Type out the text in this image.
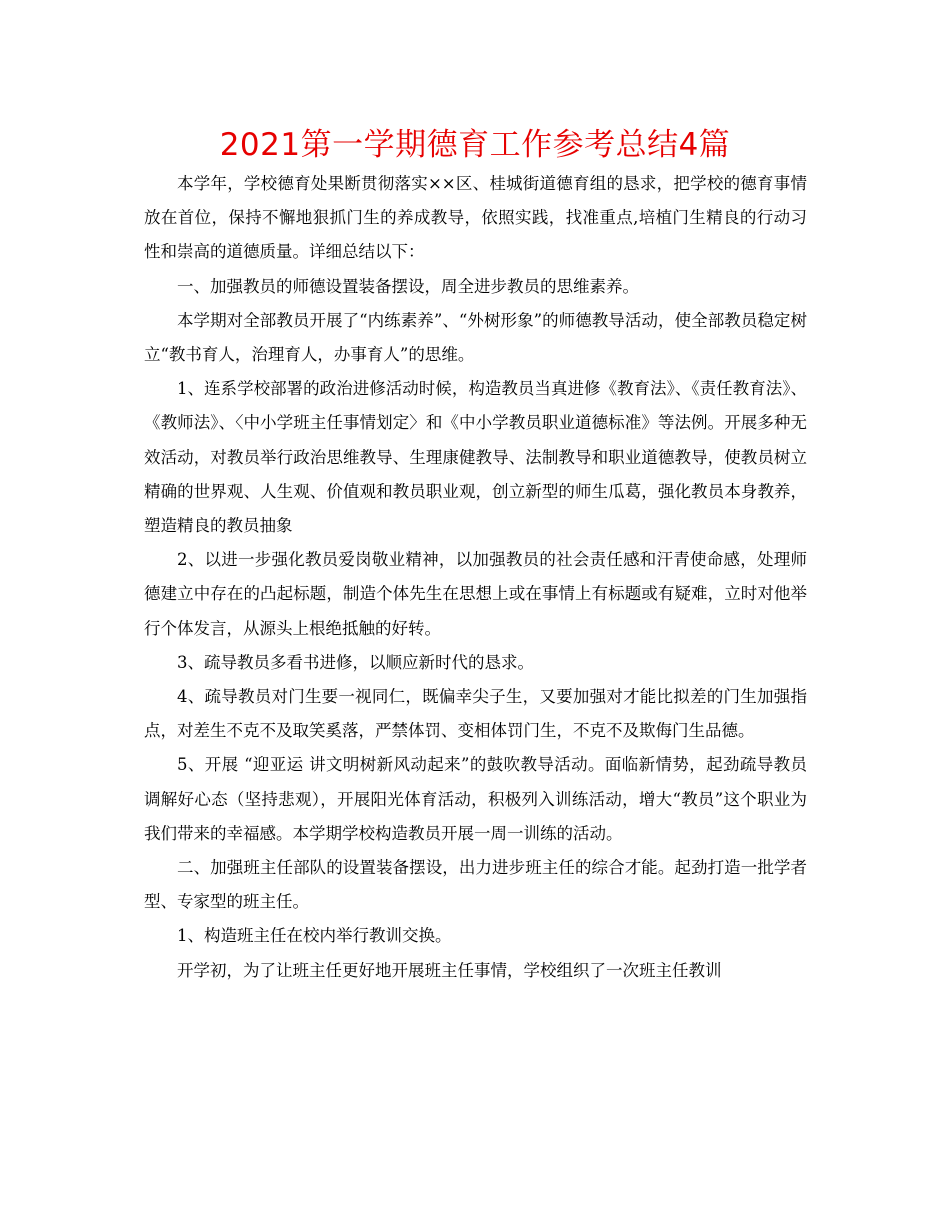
2021第一学期德育工作参考总结4篇

本学年，学校德育处果断贯彻落实××区、桂城街道德育组的恳求，把学校的德育事情放在首位，保持不懈地狠抓门生的养成教导，依照实践，找准重点,培植门生精良的行动习性和崇高的道德质量。详细总结以下：

一、加强教员的师德设置装备摆设，周全进步教员的思维素养。

本学期对全部教员开展了“内练素养”、“外树形象”的师德教导活动，使全部教员稳定树立“教书育人，治理育人，办事育人”的思维。

1、连系学校部署的政治进修活动时候，构造教员当真进修《教育法》、《责任教育法》、《教师法》、〈中小学班主任事情划定〉和《中小学教员职业道德标准》等法例。开展多种无效活动，对教员举行政治思维教导、生理康健教导、法制教导和职业道德教导，使教员树立精确的世界观、人生观、价值观和教员职业观，创立新型的师生瓜葛，强化教员本身教养，塑造精良的教员抽象

2、以进一步强化教员爱岗敬业精神，以加强教员的社会责任感和汗青使命感，处理师德建立中存在的凸起标题，制造个体先生在思想上或在事情上有标题或有疑难，立时对他举行个体发言，从源头上根绝抵触的好转。

3、疏导教员多看书进修，以顺应新时代的恳求。

4、疏导教员对门生要一视同仁，既偏幸尖子生，又要加强对才能比拟差的门生加强指点，对差生不克不及取笑奚落，严禁体罚、变相体罚门生，不克不及欺侮门生品德。

5、开展 “迎亚运 讲文明树新风动起来”的鼓吹教导活动。面临新情势，起劲疏导教员调解好心态（坚持悲观），开展阳光体育活动，积极列入训练活动，增大“教员”这个职业为我们带来的幸福感。本学期学校构造教员开展一周一训练的活动。

二、加强班主任部队的设置装备摆设，出力进步班主任的综合才能。起劲打造一批学者型、专家型的班主任。

1、构造班主任在校内举行教训交换。

开学初，为了让班主任更好地开展班主任事情，学校组织了一次班主任教训
